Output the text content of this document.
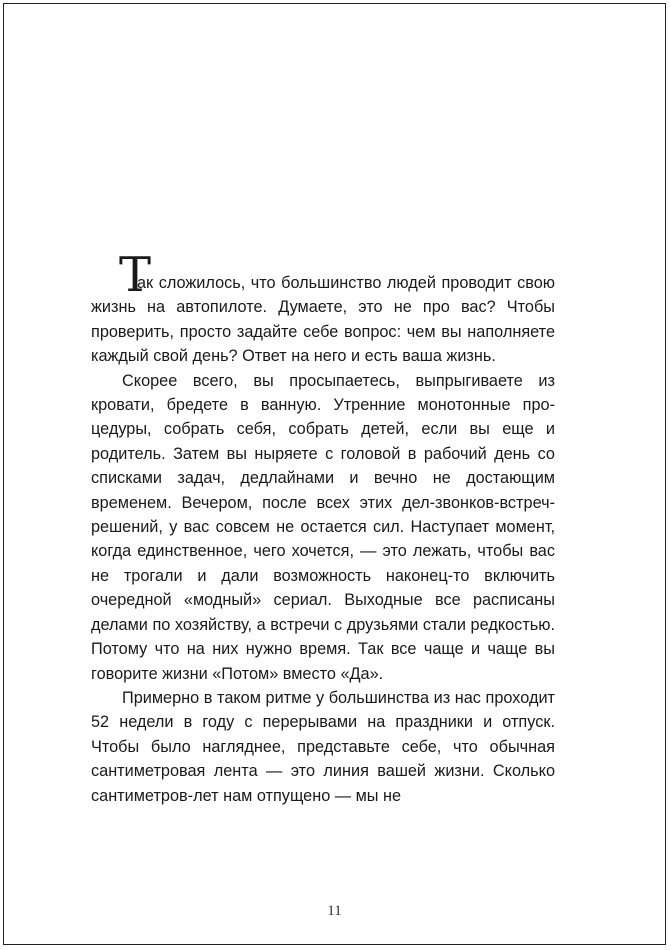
Т
ак сложилось, что большинство людей проводит свою жизнь на автопилоте. Думаете, это не про вас? Чтобы проверить, просто задайте себе вопрос: чем вы наполняете каждый свой день? Ответ на него и есть ваша жизнь.

Скорее всего, вы просыпаетесь, выпрыгиваете из кровати, бредете в ванную. Утренние монотонные процедуры, собрать себя, собрать детей, если вы еще и родитель. Затем вы ныряете с головой в рабочий день со списками задач, дедлайнами и вечно не достающим временем. Вечером, после всех этих дел-звонков-встреч-решений, у вас совсем не остается сил. Наступает момент, когда единственное, чего хочется, — это лежать, чтобы вас не трогали и дали возможность наконец-то включить очередной «модный» сериал. Выходные все расписаны делами по хозяйству, а встречи с друзьями стали редкостью. Потому что на них нужно время. Так все чаще и чаще вы говорите жизни «Потом» вместо «Да».

Примерно в таком ритме у большинства из нас проходит 52 недели в году с перерывами на праздники и отпуск. Чтобы было нагляднее, представьте себе, что обычная сантиметровая лента — это линия вашей жизни. Сколько сантиметров-лет нам отпущено — мы не

11
